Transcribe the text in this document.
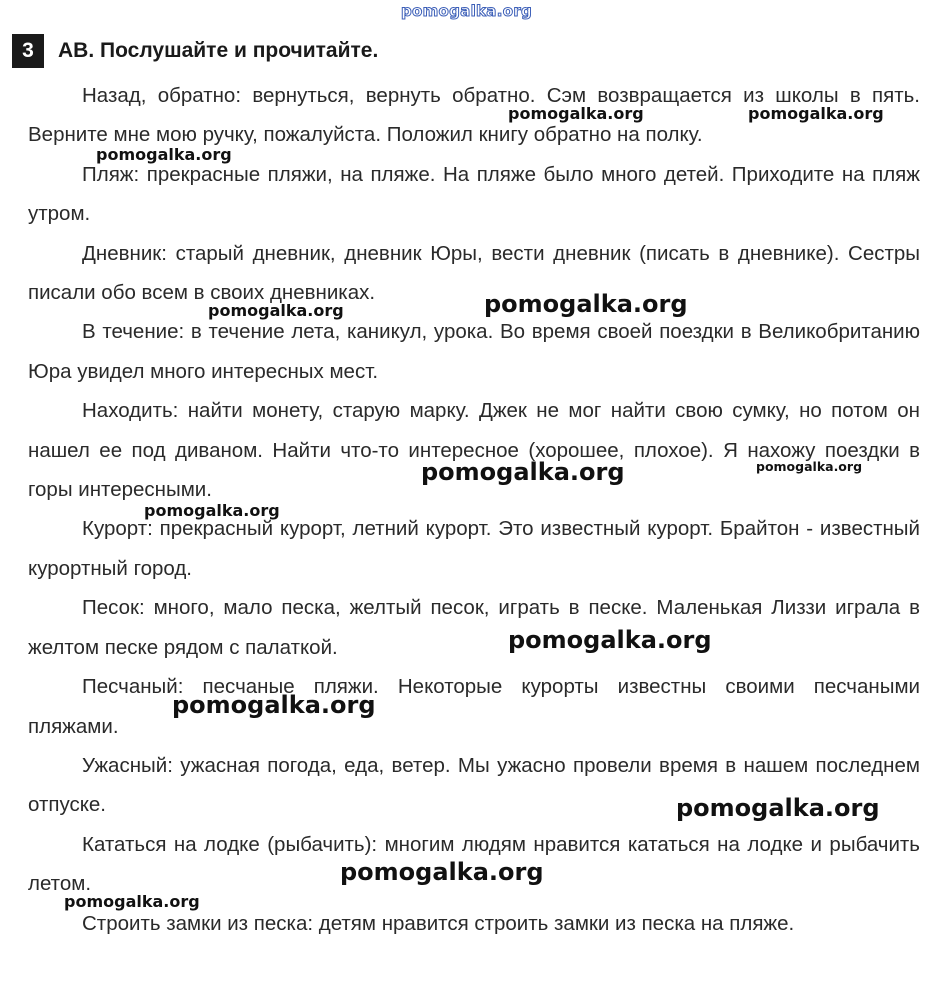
pomogalka.org
3	AB. Послушайте и прочитайте.

Назад, обратно: вернуться, вернуть обратно. Сэм возвращается из школы в пять. Верните мне мою ручку, пожалуйста. Положил книгу обратно на полку.

Пляж: прекрасные пляжи, на пляже. На пляже было много детей. Приходите на пляж утром.

Дневник: старый дневник, дневник Юры, вести дневник (писать в дневнике). Сестры писали обо всем в своих дневниках.

В течение: в течение лета, каникул, урока. Во время своей поездки в Великобританию Юра увидел много интересных мест.

Находить: найти монету, старую марку. Джек не мог найти свою сумку, но потом он нашел ее под диваном. Найти что-то интересное (хорошее, плохое). Я нахожу поездки в горы интересными.

Курорт: прекрасный курорт, летний курорт. Это известный курорт. Брайтон - известный курортный город.

Песок: много, мало песка, желтый песок, играть в песке. Маленькая Лиззи играла в желтом песке рядом с палаткой.

Песчаный: песчаные пляжи. Некоторые курорты известны своими песчаными пляжами.

Ужасный: ужасная погода, еда, ветер. Мы ужасно провели время в нашем последнем отпуске.

Кататься на лодке (рыбачить): многим людям нравится кататься на лодке и рыбачить летом.

Строить замки из песка: детям нравится строить замки из песка на пляже.

pomogalka.org	pomogalka.org
pomogalka.org
pomogalka.org	pomogalka.org
pomogalka.org	pomogalka.org
pomogalka.org
pomogalka.org
pomogalka.org
pomogalka.org
pomogalka.org
pomogalka.org
